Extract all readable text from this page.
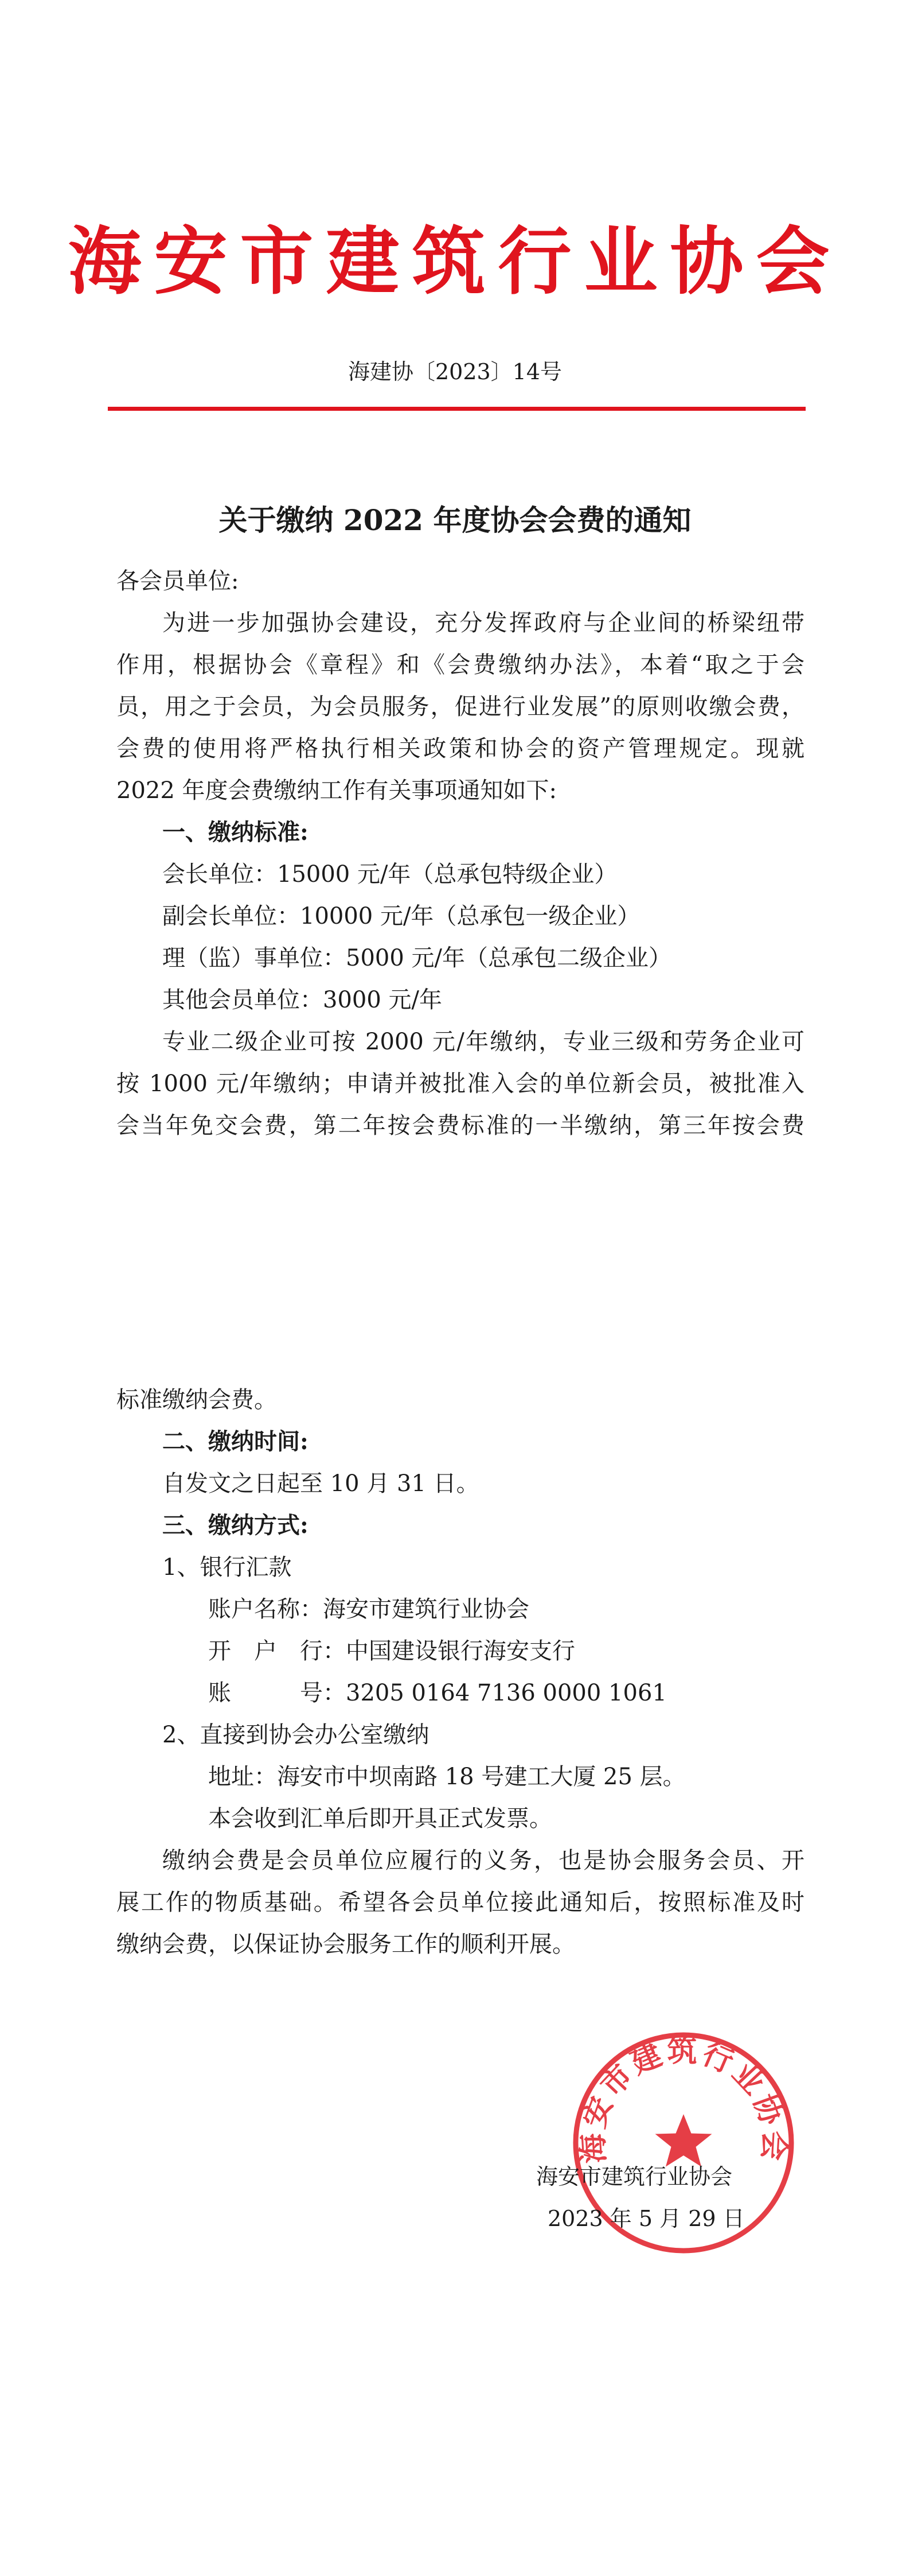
海安市建筑行业协会
海建协〔2023〕14号
关于缴纳 2022 年度协会会费的通知
各会员单位:
为进一步加强协会建设，充分发挥政府与企业间的桥梁纽带
作用，根据协会《章程》和《会费缴纳办法》，本着“取之于会
员，用之于会员，为会员服务，促进行业发展”的原则收缴会费，
会费的使用将严格执行相关政策和协会的资产管理规定。现就
2022 年度会费缴纳工作有关事项通知如下:
一、缴纳标准:
会长单位：15000 元/年（总承包特级企业）
副会长单位：10000 元/年（总承包一级企业）
理（监）事单位：5000 元/年（总承包二级企业）
其他会员单位：3000 元/年
专业二级企业可按 2000 元/年缴纳，专业三级和劳务企业可
按 1000 元/年缴纳；申请并被批准入会的单位新会员，被批准入
会当年免交会费，第二年按会费标准的一半缴纳，第三年按会费
标准缴纳会费。
二、缴纳时间:
自发文之日起至 10 月 31 日。
三、缴纳方式:
1、银行汇款
账户名称：海安市建筑行业协会
开　户　行：中国建设银行海安支行
账　　　号：3205 0164 7136 0000 1061
2、直接到协会办公室缴纳
地址：海安市中坝南路 18 号建工大厦 25 层。
本会收到汇单后即开具正式发票。
缴纳会费是会员单位应履行的义务，也是协会服务会员、开
展工作的物质基础。希望各会员单位接此通知后，按照标准及时
缴纳会费，以保证协会服务工作的顺利开展。
海安市建筑行业协会
海安市建筑行业协会
2023 年 5 月 29 日
